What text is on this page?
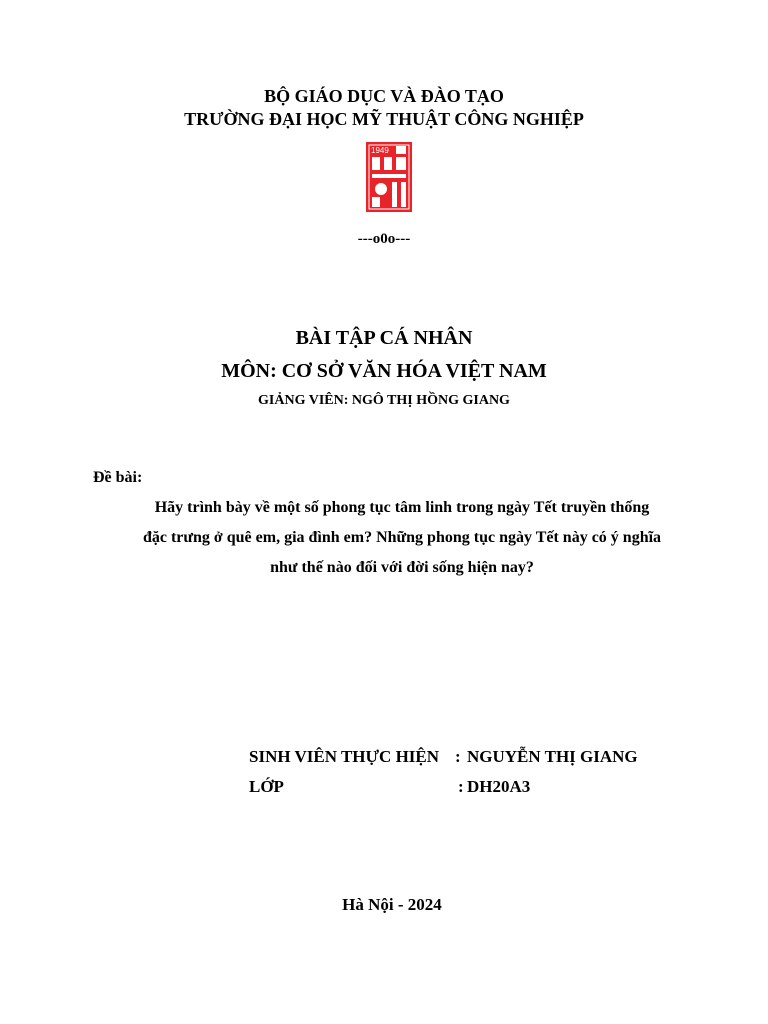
BỘ GIÁO DỤC VÀ ĐÀO TẠO
TRƯỜNG ĐẠI HỌC MỸ THUẬT CÔNG NGHIỆP
1949
---o0o---
BÀI TẬP CÁ NHÂN
MÔN: CƠ SỞ VĂN HÓA VIỆT NAM
GIẢNG VIÊN: NGÔ THỊ HỒNG GIANG
Đề bài:
Hãy trình bày về một số phong tục tâm linh trong ngày Tết truyền thống
đặc trưng ở quê em, gia đình em? Những phong tục ngày Tết này có ý nghĩa
như thế nào đối với đời sống hiện nay?
SINH VIÊN THỰC HIỆN : NGUYỄN THỊ GIANG
LỚP	: DH20A3
Hà Nội - 2024
